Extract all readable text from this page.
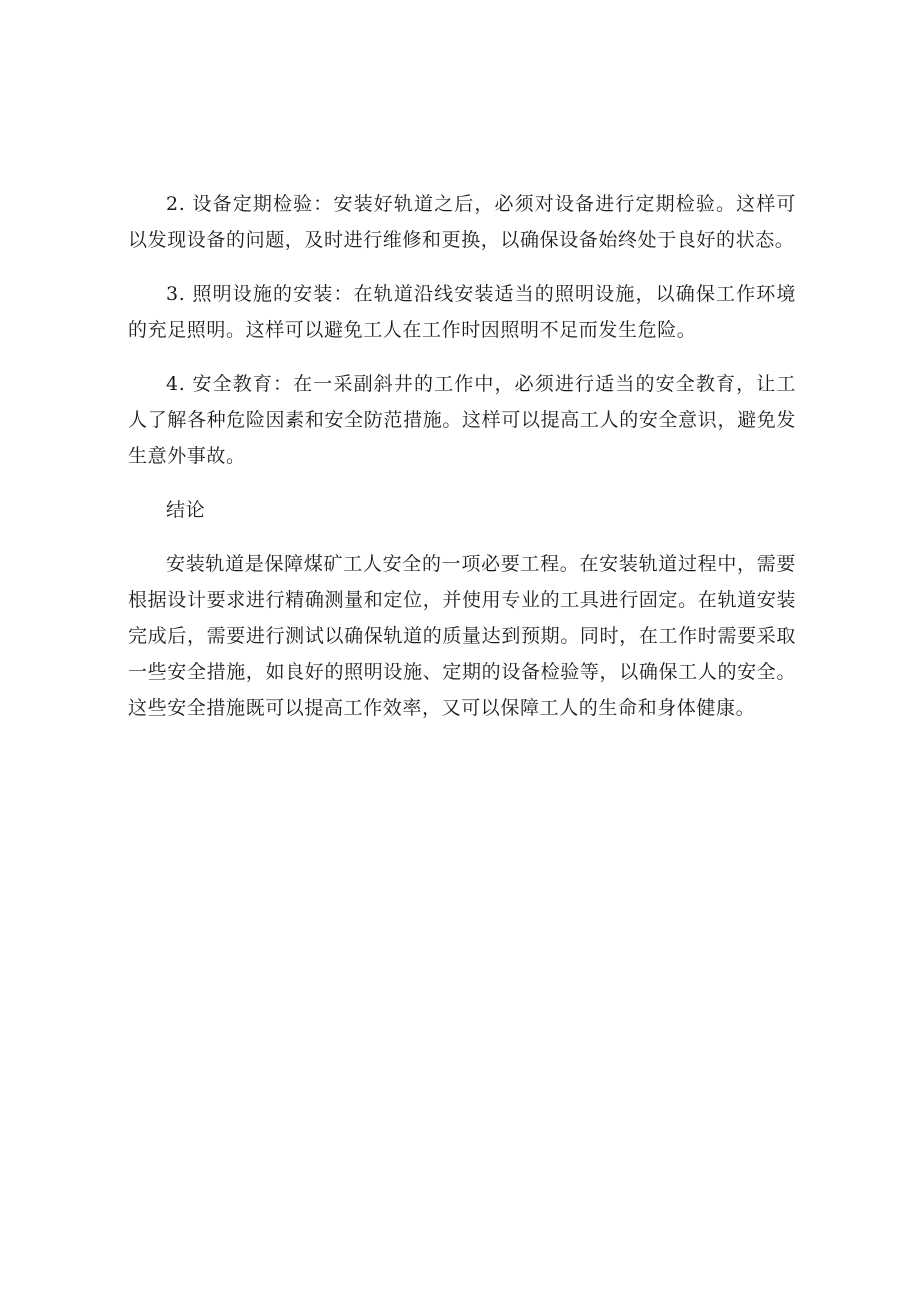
2. 设备定期检验：安装好轨道之后，必须对设备进行定期检验。这样可以发现设备的问题，及时进行维修和更换，以确保设备始终处于良好的状态。

3. 照明设施的安装：在轨道沿线安装适当的照明设施，以确保工作环境的充足照明。这样可以避免工人在工作时因照明不足而发生危险。

4. 安全教育：在一采副斜井的工作中，必须进行适当的安全教育，让工人了解各种危险因素和安全防范措施。这样可以提高工人的安全意识，避免发生意外事故。

结论

安装轨道是保障煤矿工人安全的一项必要工程。在安装轨道过程中，需要根据设计要求进行精确测量和定位，并使用专业的工具进行固定。在轨道安装完成后，需要进行测试以确保轨道的质量达到预期。同时，在工作时需要采取一些安全措施，如良好的照明设施、定期的设备检验等，以确保工人的安全。这些安全措施既可以提高工作效率，又可以保障工人的生命和身体健康。
